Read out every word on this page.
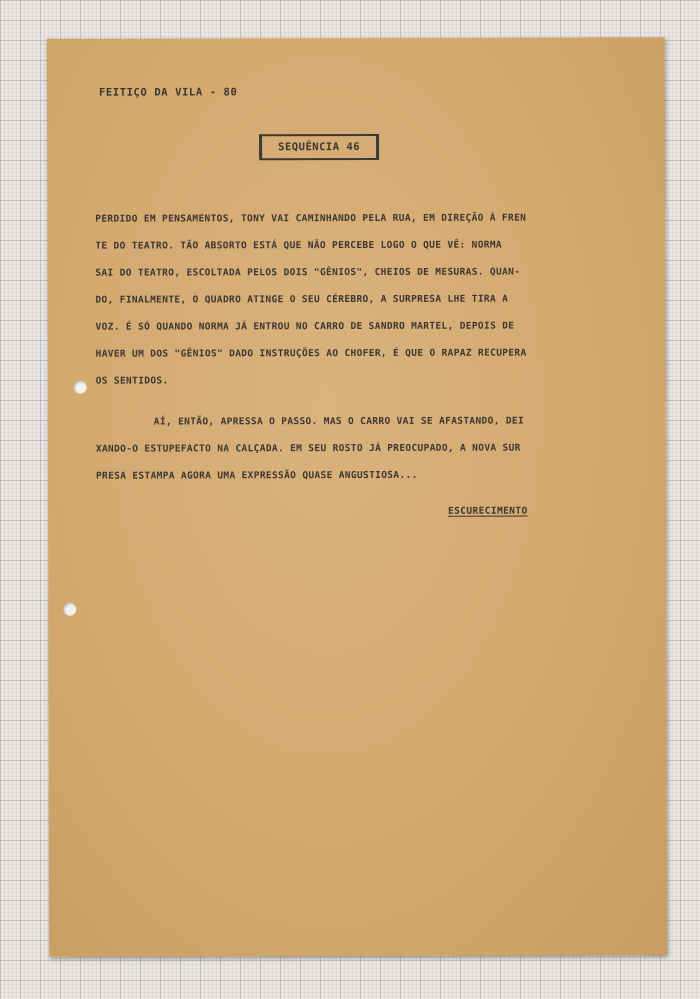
FEITIÇO DA VILA - 80
SEQUÊNCIA 46
PERDIDO EM PENSAMENTOS, TONY VAI CAMINHANDO PELA RUA, EM DIREÇÃO À FREN
TE DO TEATRO. TÃO ABSORTO ESTÁ QUE NÃO PERCEBE LOGO O QUE VÊ: NORMA
SAI DO TEATRO, ESCOLTADA PELOS DOIS "GÊNIOS", CHEIOS DE MESURAS. QUAN-
DO, FINALMENTE, O QUADRO ATINGE O SEU CÉREBRO, A SURPRESA LHE TIRA A
VOZ. É SÓ QUANDO NORMA JÁ ENTROU NO CARRO DE SANDRO MARTEL, DEPOIS DE
HAVER UM DOS "GÊNIOS" DADO INSTRUÇÕES AO CHOFER, É QUE O RAPAZ RECUPERA
OS SENTIDOS.
AÍ, ENTÃO, APRESSA O PASSO. MAS O CARRO VAI SE AFASTANDO, DEI
XANDO-O ESTUPEFACTO NA CALÇADA. EM SEU ROSTO JÁ PREOCUPADO, A NOVA SUR
PRESA ESTAMPA AGORA UMA EXPRESSÃO QUASE ANGUSTIOSA...
ESCURECIMENTO
